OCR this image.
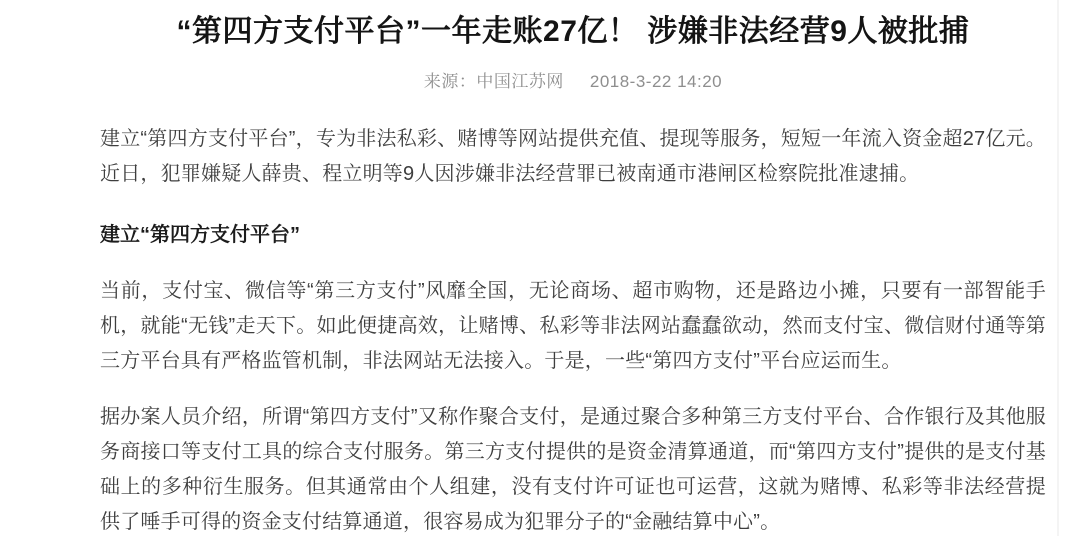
“第四方支付平台”一年走账27亿！ 涉嫌非法经营9人被批捕
来源：中国江苏网 2018-3-22 14:20

建立“第四方支付平台”，专为非法私彩、赌博等网站提供充值、提现等服务，短短一年流入资金超27亿元。近日，犯罪嫌疑人薛贵、程立明等9人因涉嫌非法经营罪已被南通市港闸区检察院批准逮捕。

建立“第四方支付平台”

当前，支付宝、微信等“第三方支付”风靡全国，无论商场、超市购物，还是路边小摊，只要有一部智能手机，就能“无钱”走天下。如此便捷高效，让赌博、私彩等非法网站蠢蠢欲动，然而支付宝、微信财付通等第三方平台具有严格监管机制，非法网站无法接入。于是，一些“第四方支付”平台应运而生。

据办案人员介绍，所谓“第四方支付”又称作聚合支付，是通过聚合多种第三方支付平台、合作银行及其他服务商接口等支付工具的综合支付服务。第三方支付提供的是资金清算通道，而“第四方支付”提供的是支付基础上的多种衍生服务。但其通常由个人组建，没有支付许可证也可运营，这就为赌博、私彩等非法经营提供了唾手可得的资金支付结算通道，很容易成为犯罪分子的“金融结算中心”。
